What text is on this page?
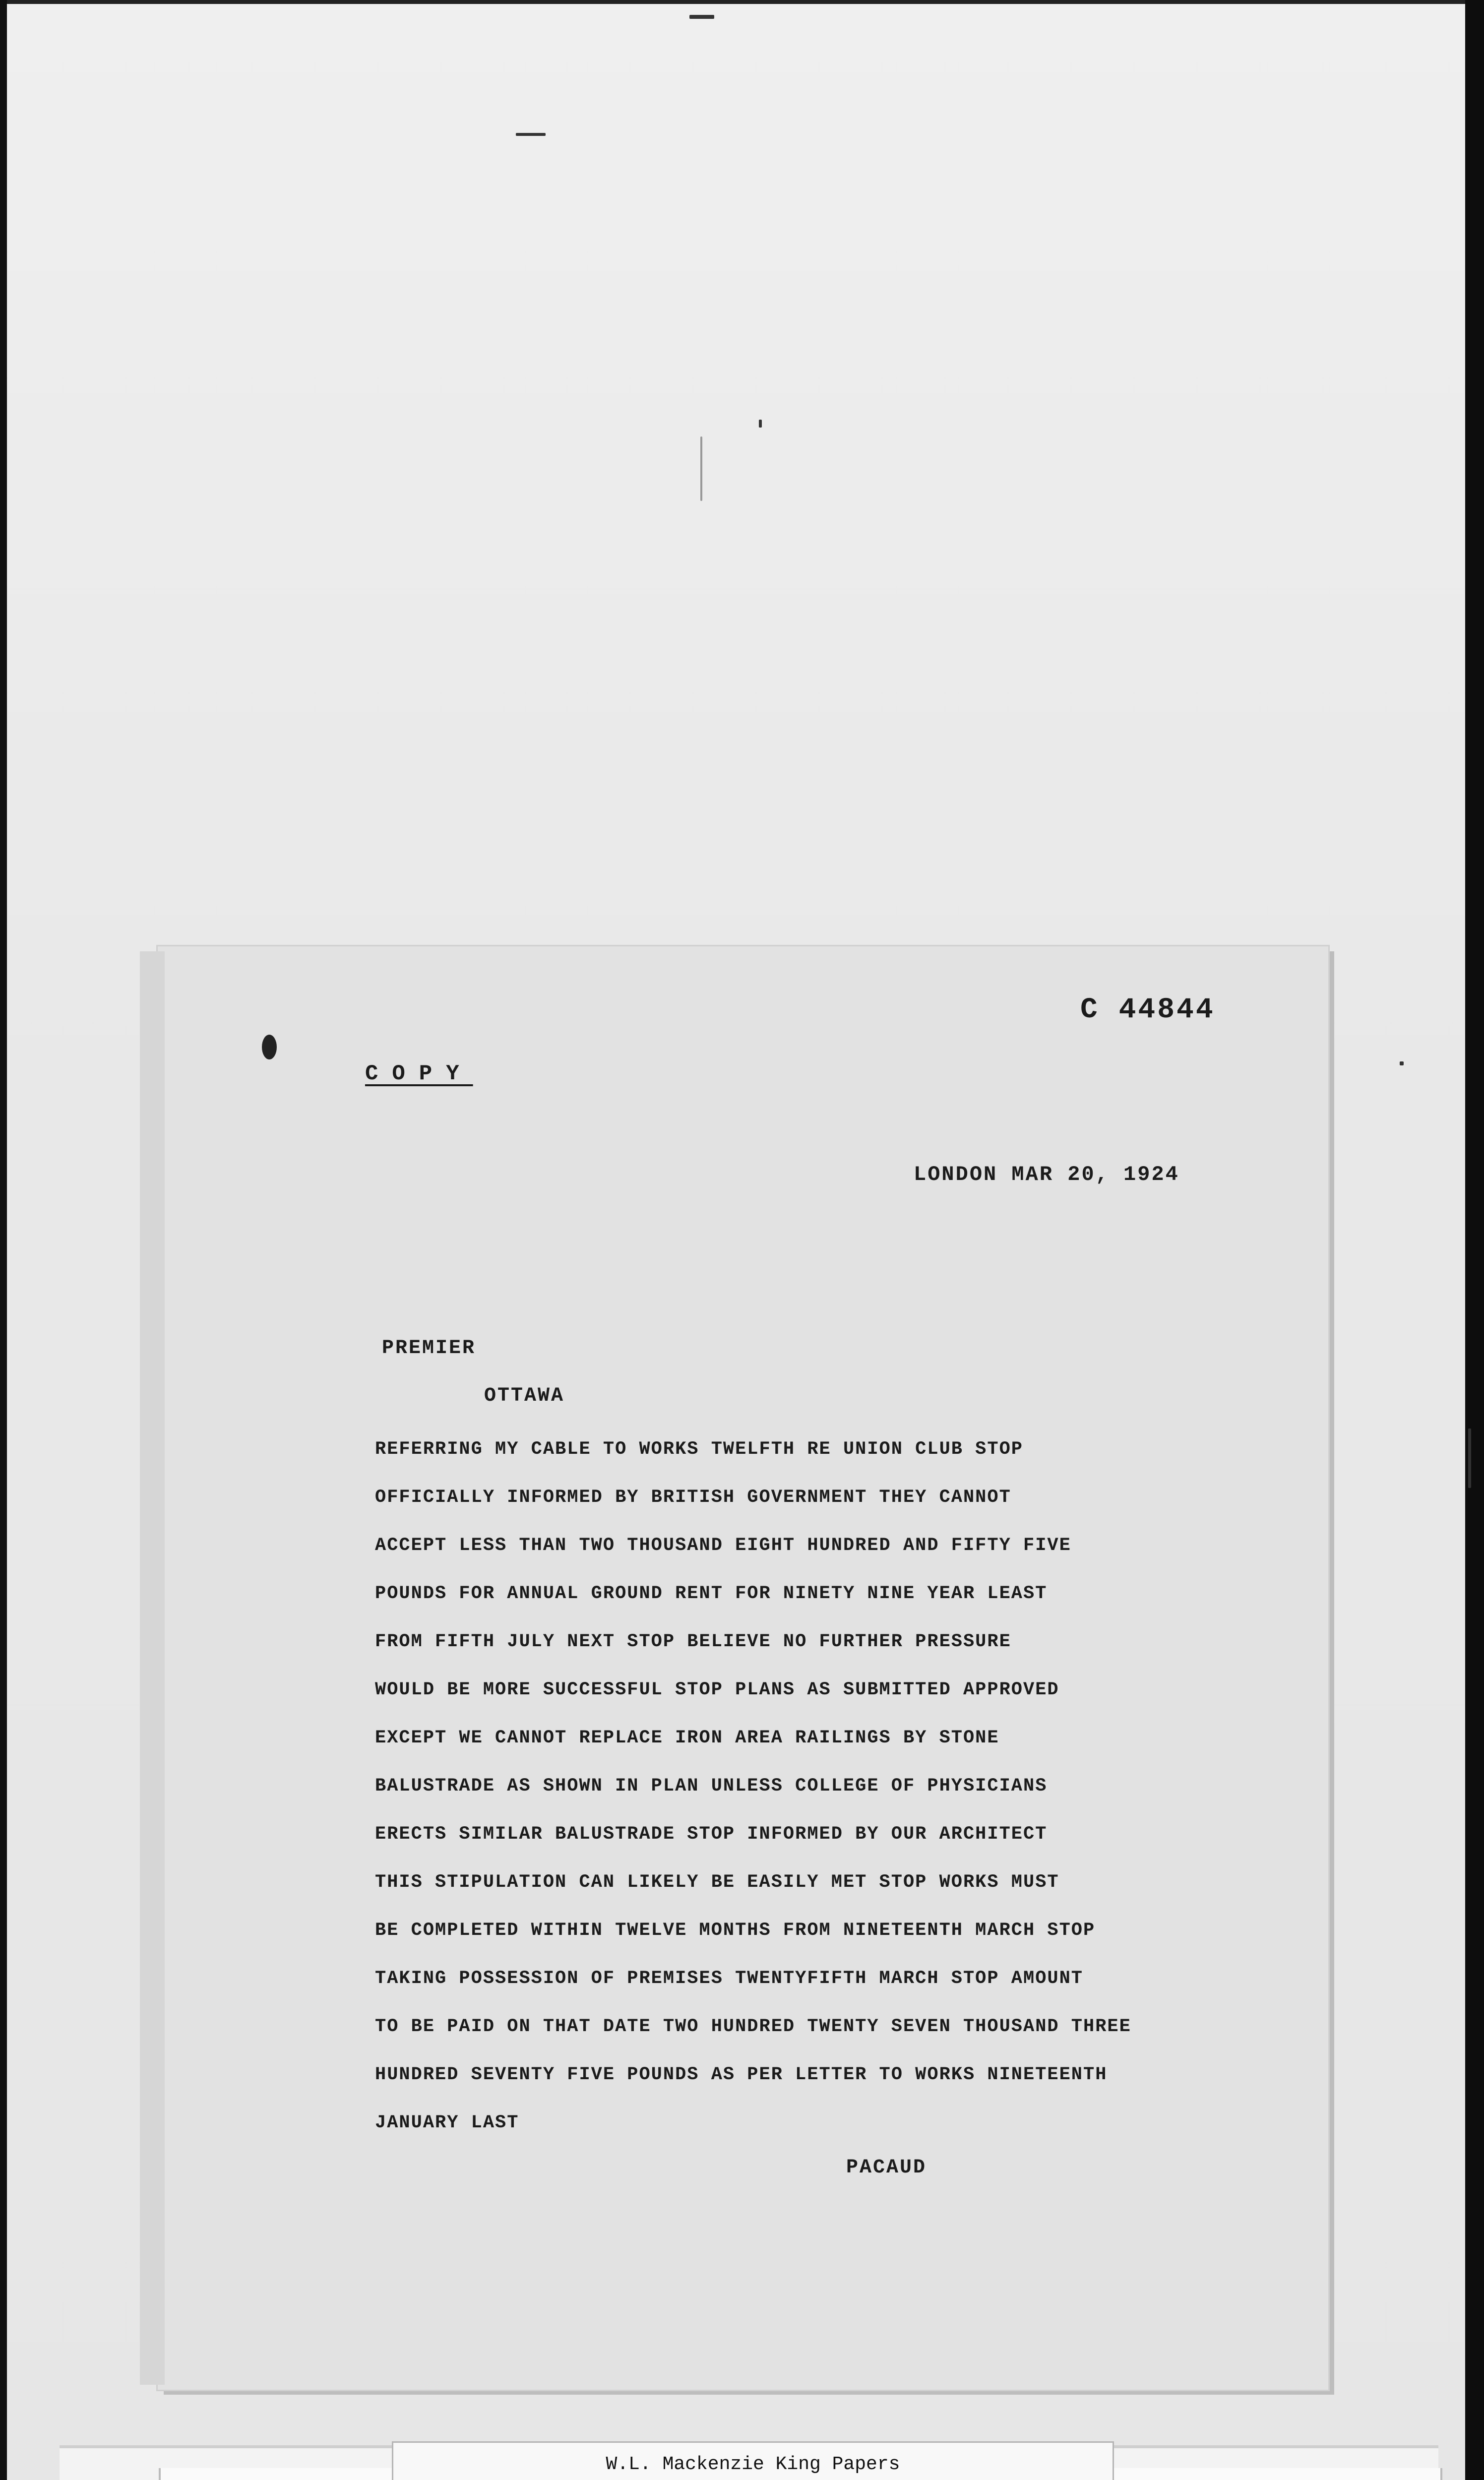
C 44844
COPY
LONDON MAR 20, 1924
PREMIER
OTTAWA
REFERRING MY CABLE TO WORKS TWELFTH RE UNION CLUB STOP
OFFICIALLY INFORMED BY BRITISH GOVERNMENT THEY CANNOT
ACCEPT LESS THAN TWO THOUSAND EIGHT HUNDRED AND FIFTY FIVE
POUNDS FOR ANNUAL GROUND RENT FOR NINETY NINE YEAR LEAST
FROM FIFTH JULY NEXT STOP BELIEVE NO FURTHER PRESSURE
WOULD BE MORE SUCCESSFUL STOP PLANS AS SUBMITTED APPROVED
EXCEPT WE CANNOT REPLACE IRON AREA RAILINGS BY STONE
BALUSTRADE AS SHOWN IN PLAN UNLESS COLLEGE OF PHYSICIANS
ERECTS SIMILAR BALUSTRADE STOP INFORMED BY OUR ARCHITECT
THIS STIPULATION CAN LIKELY BE EASILY MET STOP WORKS MUST
BE COMPLETED WITHIN TWELVE MONTHS FROM NINETEENTH MARCH STOP
TAKING POSSESSION OF PREMISES TWENTYFIFTH MARCH STOP AMOUNT
TO BE PAID ON THAT DATE TWO HUNDRED TWENTY SEVEN THOUSAND THREE
HUNDRED SEVENTY FIVE POUNDS AS PER LETTER TO WORKS NINETEENTH
JANUARY LAST
PACAUD
W.L. Mackenzie King Papers
